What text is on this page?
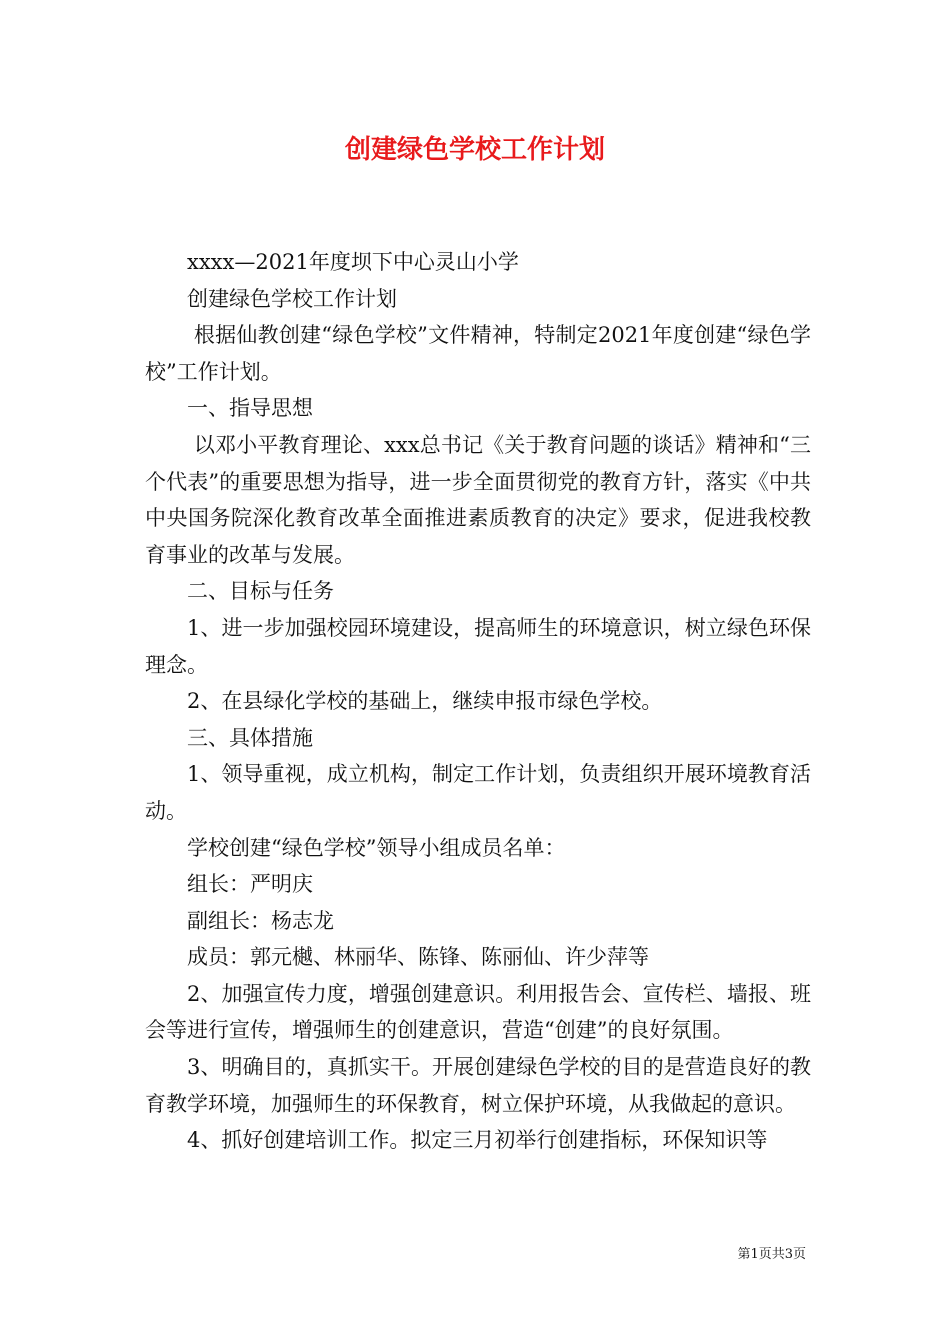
创建绿色学校工作计划

xxxx—2021年度坝下中心灵山小学

创建绿色学校工作计划

根据仙教创建“绿色学校”文件精神，特制定2021年度创建“绿色学校”工作计划。

一、指导思想

以邓小平教育理论、xxx总书记《关于教育问题的谈话》精神和“三个代表”的重要思想为指导，进一步全面贯彻党的教育方针，落实《中共中央国务院深化教育改革全面推进素质教育的决定》要求，促进我校教育事业的改革与发展。

二、目标与任务

1、进一步加强校园环境建设，提高师生的环境意识，树立绿色环保理念。

2、在县绿化学校的基础上，继续申报市绿色学校。

三、具体措施

1、领导重视，成立机构，制定工作计划，负责组织开展环境教育活动。

学校创建“绿色学校”领导小组成员名单：

组长：严明庆

副组长：杨志龙

成员：郭元樾、林丽华、陈锋、陈丽仙、许少萍等

2、加强宣传力度，增强创建意识。利用报告会、宣传栏、墙报、班会等进行宣传，增强师生的创建意识，营造“创建”的良好氛围。

3、明确目的，真抓实干。开展创建绿色学校的目的是营造良好的教育教学环境，加强师生的环保教育，树立保护环境，从我做起的意识。

4、抓好创建培训工作。拟定三月初举行创建指标，环保知识等

第1页共3页
